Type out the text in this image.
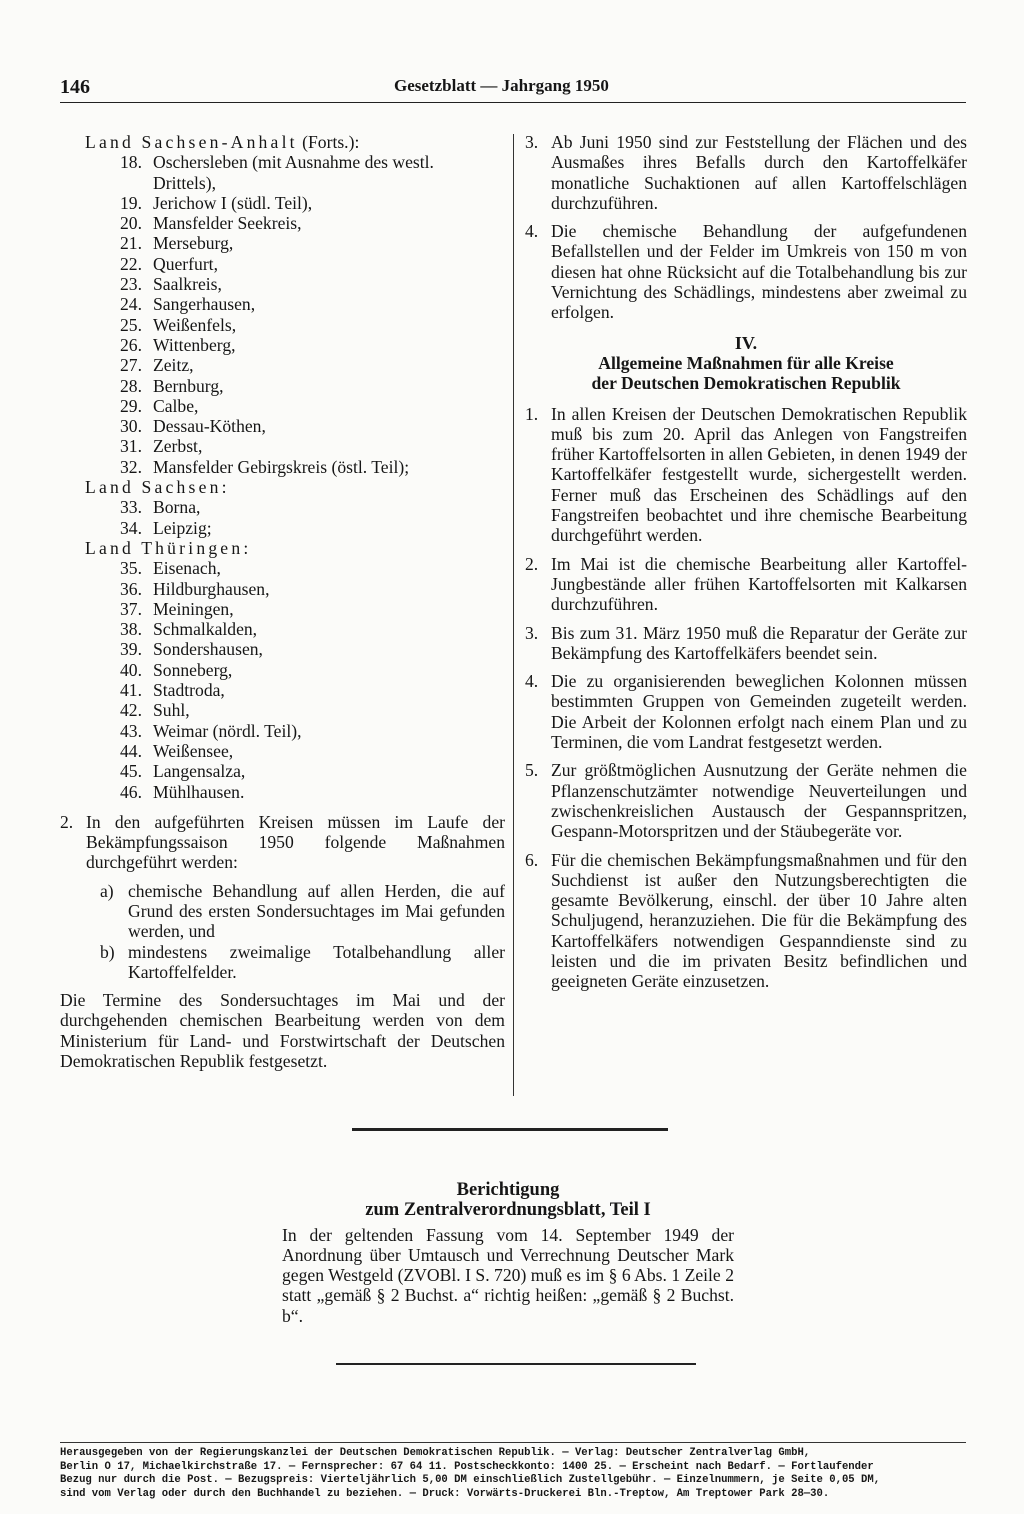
146	Gesetzblatt — Jahrgang 1950
Land Sachsen-Anhalt (Forts.):
18. Oschersleben (mit Ausnahme des westl.
Drittels),
19. Jerichow I (südl. Teil),
20. Mansfelder Seekreis,
21. Merseburg,
22. Querfurt,
23. Saalkreis,
24. Sangerhausen,
25. Weißenfels,
26. Wittenberg,
27. Zeitz,
28. Bernburg,
29. Calbe,
30. Dessau-Köthen,
31. Zerbst,
32. Mansfelder Gebirgskreis (östl. Teil);
Land Sachsen:
33. Borna,
34. Leipzig;
Land Thüringen:
35. Eisenach,
36. Hildburghausen,
37. Meiningen,
38. Schmalkalden,
39. Sondershausen,
40. Sonneberg,
41. Stadtroda,
42. Suhl,
43. Weimar (nördl. Teil),
44. Weißensee,
45. Langensalza,
46. Mühlhausen.
2. In den aufgeführten Kreisen müssen im Laufe der Bekämpfungssaison 1950 folgende Maßnahmen durchgeführt werden:
a) chemische Behandlung auf allen Herden, die auf Grund des ersten Sondersuchtages im Mai gefunden werden, und
b) mindestens zweimalige Totalbehandlung aller Kartoffelfelder.
Die Termine des Sondersuchtages im Mai und der durchgehenden chemischen Bearbeitung werden von dem Ministerium für Land- und Forstwirtschaft der Deutschen Demokratischen Republik festgesetzt.
3. Ab Juni 1950 sind zur Feststellung der Flächen und des Ausmaßes ihres Befalls durch den Kartoffelkäfer monatliche Suchaktionen auf allen Kartoffelschlägen durchzuführen.
4. Die chemische Behandlung der aufgefundenen Befallstellen und der Felder im Umkreis von 150 m von diesen hat ohne Rücksicht auf die Totalbehandlung bis zur Vernichtung des Schädlings, mindestens aber zweimal zu erfolgen.
IV.
Allgemeine Maßnahmen für alle Kreise
der Deutschen Demokratischen Republik
1. In allen Kreisen der Deutschen Demokratischen Republik muß bis zum 20. April das Anlegen von Fangstreifen früher Kartoffelsorten in allen Gebieten, in denen 1949 der Kartoffelkäfer festgestellt wurde, sichergestellt werden. Ferner muß das Erscheinen des Schädlings auf den Fangstreifen beobachtet und ihre chemische Bearbeitung durchgeführt werden.
2. Im Mai ist die chemische Bearbeitung aller Kartoffel-Jungbestände aller frühen Kartoffelsorten mit Kalkarsen durchzuführen.
3. Bis zum 31. März 1950 muß die Reparatur der Geräte zur Bekämpfung des Kartoffelkäfers beendet sein.
4. Die zu organisierenden beweglichen Kolonnen müssen bestimmten Gruppen von Gemeinden zugeteilt werden. Die Arbeit der Kolonnen erfolgt nach einem Plan und zu Terminen, die vom Landrat festgesetzt werden.
5. Zur größtmöglichen Ausnutzung der Geräte nehmen die Pflanzenschutzämter notwendige Neuverteilungen und zwischenkreislichen Austausch der Gespannspritzen, Gespann-Motorspritzen und der Stäubegeräte vor.
6. Für die chemischen Bekämpfungsmaßnahmen und für den Suchdienst ist außer den Nutzungsberechtigten die gesamte Bevölkerung, einschl. der über 10 Jahre alten Schuljugend, heranzuziehen. Die für die Bekämpfung des Kartoffelkäfers notwendigen Gespanndienste sind zu leisten und die im privaten Besitz befindlichen und geeigneten Geräte einzusetzen.
Berichtigung
zum Zentralverordnungsblatt, Teil I
In der geltenden Fassung vom 14. September 1949 der Anordnung über Umtausch und Verrechnung Deutscher Mark gegen Westgeld (ZVOBl. I S. 720) muß es im § 6 Abs. 1 Zeile 2 statt „gemäß § 2 Buchst. a“ richtig heißen: „gemäß § 2 Buchst. b“.
Herausgegeben von der Regierungskanzlei der Deutschen Demokratischen Republik. — Verlag: Deutscher Zentralverlag GmbH,
Berlin O 17, Michaelkirchstraße 17. — Fernsprecher: 67 64 11. Postscheckkonto: 1400 25. — Erscheint nach Bedarf. — Fortlaufender
Bezug nur durch die Post. — Bezugspreis: Vierteljährlich 5,00 DM einschließlich Zustellgebühr. — Einzelnummern, je Seite 0,05 DM,
sind vom Verlag oder durch den Buchhandel zu beziehen. — Druck: Vorwärts-Druckerei Bln.-Treptow, Am Treptower Park 28—30.
